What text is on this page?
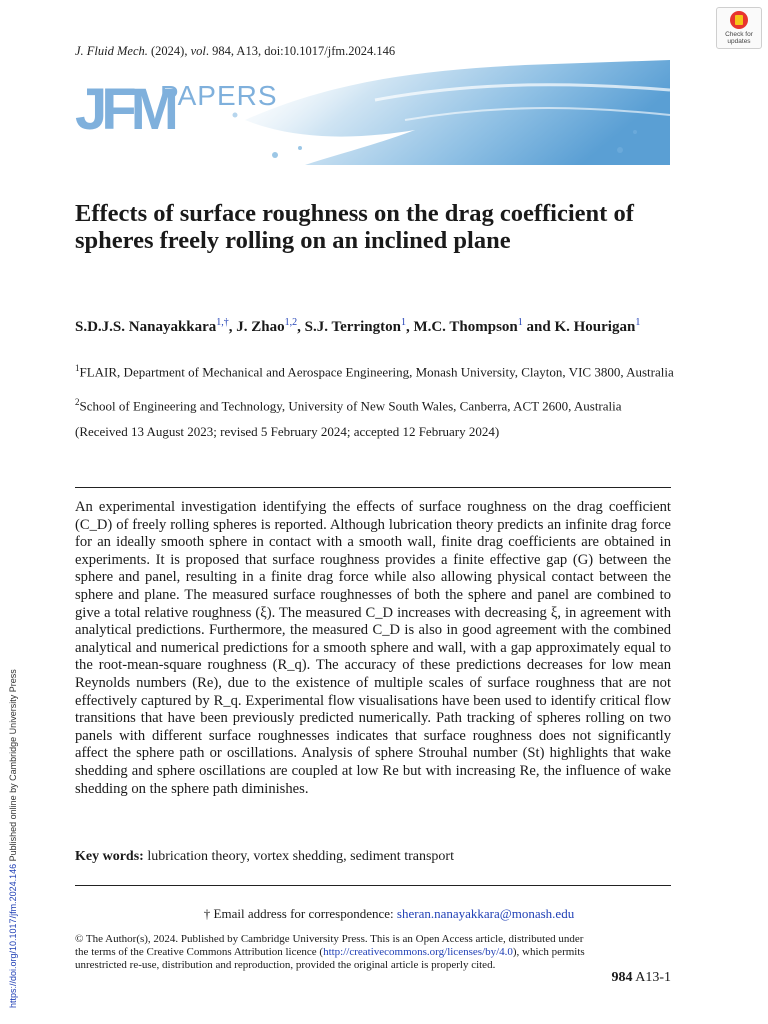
J. Fluid Mech. (2024), vol. 984, A13, doi:10.1017/jfm.2024.146
Check for
updates
JFM
PAPERS
Effects of surface roughness on the drag coefficient of spheres freely rolling on an inclined plane
S.D.J.S. Nanayakkara$^{1,\dagger}$, J. Zhao$^{1,2}$, S.J. Terrington$^1$, M.C. Thompson$^1$ and K. Hourigan$^1$
$^1$FLAIR, Department of Mechanical and Aerospace Engineering, Monash University, Clayton, VIC 3800, Australia
$^2$School of Engineering and Technology, University of New South Wales, Canberra, ACT 2600, Australia
(Received 13 August 2023; revised 5 February 2024; accepted 12 February 2024)
An experimental investigation identifying the effects of surface roughness on the drag coefficient (C_D) of freely rolling spheres is reported. Although lubrication theory predicts an infinite drag force for an ideally smooth sphere in contact with a smooth wall, finite drag coefficients are obtained in experiments. It is proposed that surface roughness provides a finite effective gap (G) between the sphere and panel, resulting in a finite drag force while also allowing physical contact between the sphere and plane. The measured surface roughnesses of both the sphere and panel are combined to give a total relative roughness (ξ). The measured C_D increases with decreasing ξ, in agreement with analytical predictions. Furthermore, the measured C_D is also in good agreement with the combined analytical and numerical predictions for a smooth sphere and wall, with a gap approximately equal to the root-mean-square roughness (R_q). The accuracy of these predictions decreases for low mean Reynolds numbers (Re), due to the existence of multiple scales of surface roughness that are not effectively captured by R_q. Experimental flow visualisations have been used to identify critical flow transitions that have been previously predicted numerically. Path tracking of spheres rolling on two panels with different surface roughnesses indicates that surface roughness does not significantly affect the sphere path or oscillations. Analysis of sphere Strouhal number (St) highlights that wake shedding and sphere oscillations are coupled at low Re but with increasing Re, the influence of wake shedding on the sphere path diminishes.
Key words: lubrication theory, vortex shedding, sediment transport
† Email address for correspondence: sheran.nanayakkara@monash.edu
© The Author(s), 2024. Published by Cambridge University Press. This is an Open Access article, distributed under the terms of the Creative Commons Attribution licence (http://creativecommons.org/licenses/by/4.0), which permits unrestricted re-use, distribution and reproduction, provided the original article is properly cited.
984 A13-1
https://doi.org/10.1017/jfm.2024.146 Published online by Cambridge University Press
